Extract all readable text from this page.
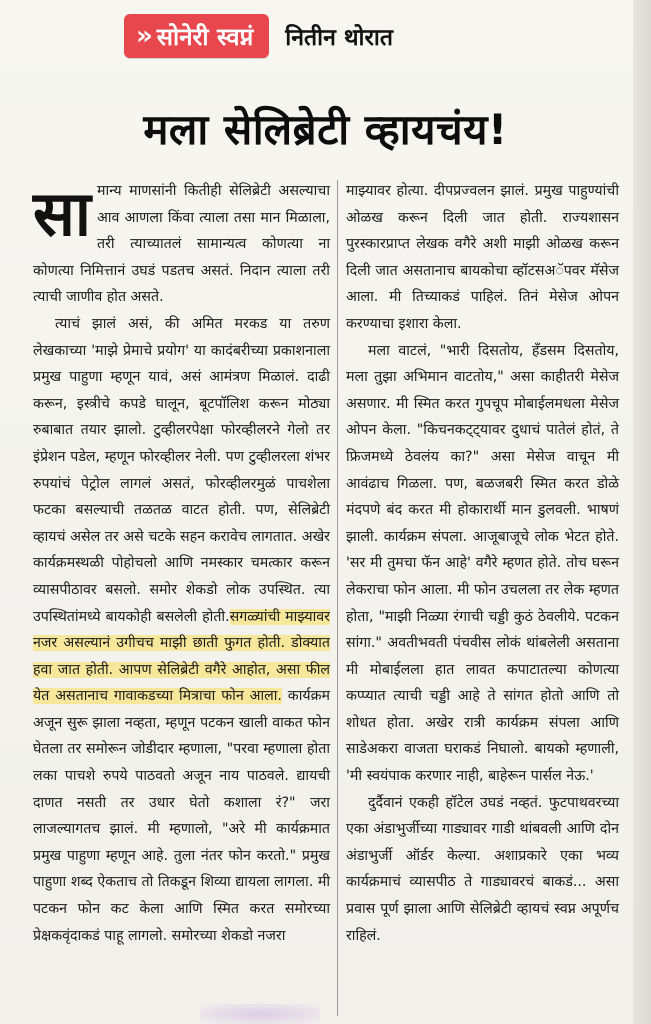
» सोनेरी स्वप्नं नितीन थोरात
मला सेलिब्रेटी व्हायचंय!

सामान्य माणसांनी कितीही सेलिब्रेटी असल्याचा आव आणला किंवा त्याला तसा मान मिळाला, तरी त्याच्यातलं सामान्यत्व कोणत्या ना कोणत्या निमित्तानं उघडं पडतच असतं. निदान त्याला तरी त्याची जाणीव होत असते.

त्याचं झालं असं, की अमित मरकड या तरुण लेखकाच्या 'माझे प्रेमाचे प्रयोग' या कादंबरीच्या प्रकाशनाला प्रमुख पाहुणा म्हणून यावं, असं आमंत्रण मिळालं. दाढी करून, इस्त्रीचे कपडे घालून, बूटपॉलिश करून मोठ्या रुबाबात तयार झालो. टुव्हीलरपेक्षा फोरव्हीलरने गेलो तर इंप्रेशन पडेल, म्हणून फोरव्हीलर नेली. पण टुव्हीलरला शंभर रुपयांचं पेट्रोल लागलं असतं, फोरव्हीलरमुळं पाचशेला फटका बसल्याची तळतळ वाटत होती. पण, सेलिब्रेटी व्हायचं असेल तर असे चटके सहन करावेच लागतात. अखेर कार्यक्रमस्थळी पोहोचलो आणि नमस्कार चमत्कार करून व्यासपीठावर बसलो. समोर शेकडो लोक उपस्थित. त्या उपस्थितांमध्ये बायकोही बसलेली होती.सगळ्यांची माझ्यावर नजर असल्यानं उगीचच माझी छाती फुगत होती. डोक्यात हवा जात होती. आपण सेलिब्रेटी वगैरे आहोत, असा फील येत असतानाच गावाकडच्या मित्राचा फोन आला. कार्यक्रम अजून सुरू झाला नव्हता, म्हणून पटकन खाली वाकत फोन घेतला तर समोरून जोडीदार म्हणाला, "परवा म्हणाला होता लका पाचशे रुपये पाठवतो अजून नाय पाठवले. द्यायची दाणत नसती तर उधार घेतो कशाला रं?" जरा लाजल्यागतच झालं. मी म्हणालो, "अरे मी कार्यक्रमात प्रमुख पाहुणा म्हणून आहे. तुला नंतर फोन करतो." प्रमुख पाहुणा शब्द ऐकताच तो तिकडून शिव्या द्यायला लागला. मी पटकन फोन कट केला आणि स्मित करत समोरच्या प्रेक्षकवृंदाकडं पाहू लागलो. समोरच्या शेकडो नजरा

माझ्यावर होत्या. दीपप्रज्वलन झालं. प्रमुख पाहुण्यांची ओळख करून दिली जात होती. राज्यशासन पुरस्कारप्राप्त लेखक वगैरे अशी माझी ओळख करून दिली जात असतानाच बायकोचा व्हॉटसअॅपवर मॅसेज आला. मी तिच्याकडं पाहिलं. तिनं मेसेज ओपन करण्याचा इशारा केला.

मला वाटलं, "भारी दिसतोय, हँडसम दिसतोय, मला तुझा अभिमान वाटतोय," असा काहीतरी मेसेज असणार. मी स्मित करत गुपचूप मोबाईलमधला मेसेज ओपन केला. "किचनकट्ट्यावर दुधाचं पातेलं होतं, ते फ्रिजमध्ये ठेवलंय का?" असा मेसेज वाचून मी आवंढाच गिळला. पण, बळजबरी स्मित करत डोळे मंदपणे बंद करत मी होकारार्थी मान डुलवली. भाषणं झाली. कार्यक्रम संपला. आजूबाजूचे लोक भेटत होते. 'सर मी तुमचा फॅन आहे' वगैरे म्हणत होते. तोच घरून लेकराचा फोन आला. मी फोन उचलला तर लेक म्हणत होता, "माझी निळ्या रंगाची चड्डी कुठं ठेवलीये. पटकन सांगा." अवतीभवती पंचवीस लोकं थांबलेली असताना मी मोबाईलला हात लावत कपाटातल्या कोणत्या कप्प्यात त्याची चड्डी आहे ते सांगत होतो आणि तो शोधत होता. अखेर रात्री कार्यक्रम संपला आणि साडेअकरा वाजता घराकडं निघालो. बायको म्हणाली, 'मी स्वयंपाक करणार नाही, बाहेरून पार्सल नेऊ.'

दुर्दैवानं एकही हॉटेल उघडं नव्हतं. फुटपाथवरच्या एका अंडाभुर्जीच्या गाड्यावर गाडी थांबवली आणि दोन अंडाभुर्जी ऑर्डर केल्या. अशाप्रकारे एका भव्य कार्यक्रमाचं व्यासपीठ ते गाड्यावरचं बाकडं... असा प्रवास पूर्ण झाला आणि सेलिब्रेटी व्हायचं स्वप्न अपूर्णच राहिलं.
